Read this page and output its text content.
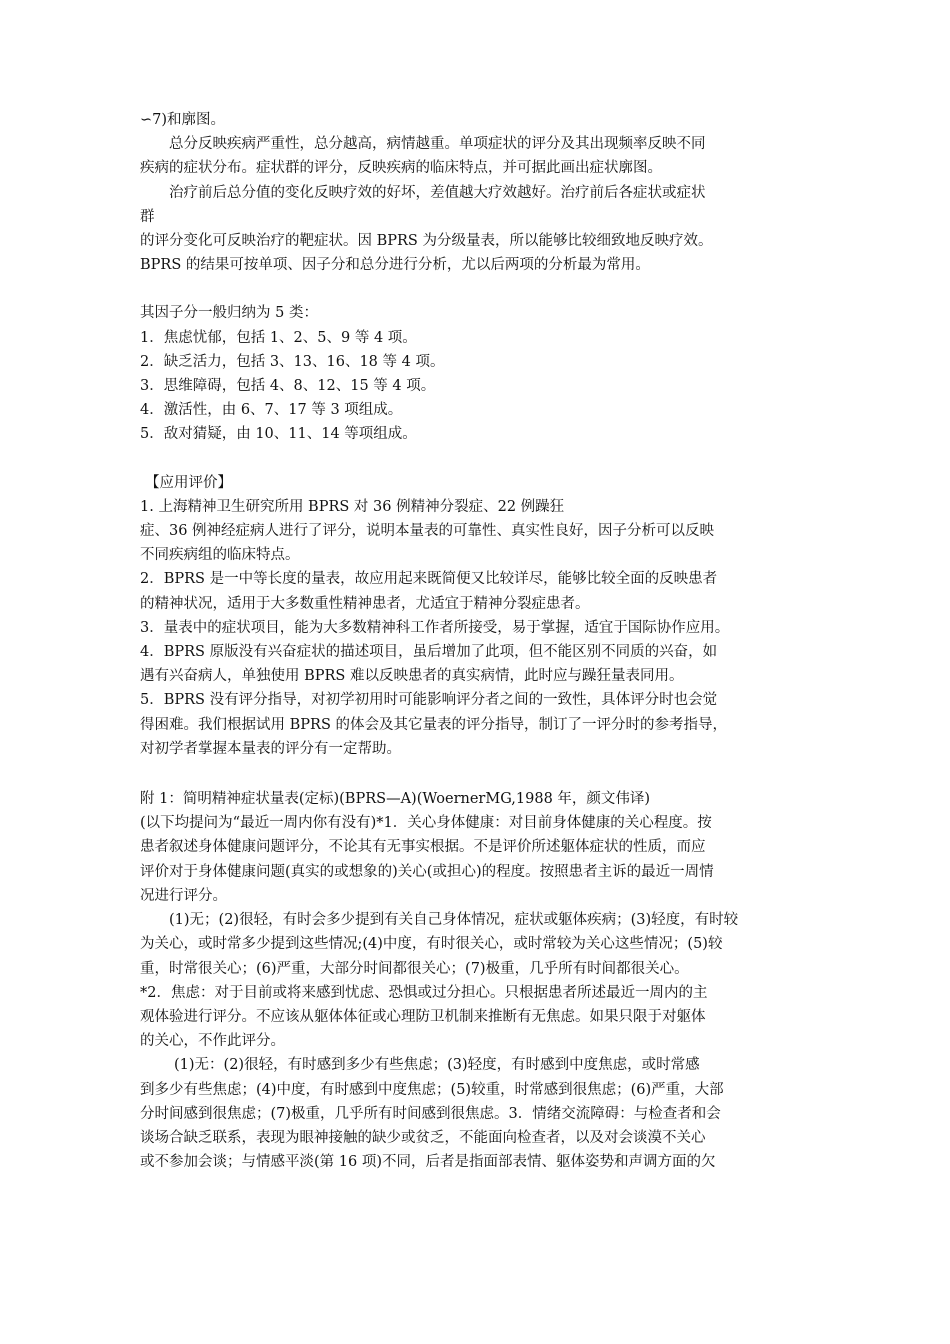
∽7)和廓图。
总分反映疾病严重性，总分越高，病情越重。单项症状的评分及其出现频率反映不同
疾病的症状分布。症状群的评分，反映疾病的临床特点，并可据此画出症状廓图。
治疗前后总分值的变化反映疗效的好坏，差值越大疗效越好。治疗前后各症状或症状
群
的评分变化可反映治疗的靶症状。因 BPRS 为分级量表，所以能够比较细致地反映疗效。
BPRS 的结果可按单项、因子分和总分进行分析，尤以后两项的分析最为常用。
其因子分一般归纳为 5 类：
1．焦虑忧郁，包括 1、2、5、9 等 4 项。
2．缺乏活力，包括 3、13、16、18 等 4 项。
3．思维障碍，包括 4、8、12、15 等 4 项。
4．激活性，由 6、7、17 等 3 项组成。
5．敌对猜疑，由 10、11、14 等项组成。
【应用评价】
1. 上海精神卫生研究所用 BPRS 对 36 例精神分裂症、22 例躁狂
症、36 例神经症病人进行了评分，说明本量表的可靠性、真实性良好，因子分析可以反映
不同疾病组的临床特点。
2．BPRS 是一中等长度的量表，故应用起来既简便又比较详尽，能够比较全面的反映患者
的精神状况，适用于大多数重性精神患者，尤适宜于精神分裂症患者。
3．量表中的症状项目，能为大多数精神科工作者所接受，易于掌握，适宜于国际协作应用。
4．BPRS 原版没有兴奋症状的描述项目，虽后增加了此项，但不能区别不同质的兴奋，如
遇有兴奋病人，单独使用 BPRS 难以反映患者的真实病情，此时应与躁狂量表同用。
5．BPRS 没有评分指导，对初学初用时可能影响评分者之间的一致性，具体评分时也会觉
得困难。我们根据试用 BPRS 的体会及其它量表的评分指导，制订了一评分时的参考指导，
对初学者掌握本量表的评分有一定帮助。
附 1：简明精神症状量表(定标)(BPRS—A)(WoernerMG,1988 年，颜文伟译)
(以下均提问为“最近一周内你有没有)*1．关心身体健康：对目前身体健康的关心程度。按
患者叙述身体健康问题评分，不论其有无事实根据。不是评价所述躯体症状的性质，而应
评价对于身体健康问题(真实的或想象的)关心(或担心)的程度。按照患者主诉的最近一周情
况进行评分。
(1)无；(2)很轻，有时会多少提到有关自己身体情况，症状或躯体疾病；(3)轻度，有时较
为关心，或时常多少提到这些情况;(4)中度，有时很关心，或时常较为关心这些情况；(5)较
重，时常很关心；(6)严重，大部分时间都很关心；(7)极重，几乎所有时间都很关心。
*2．焦虑：对于目前或将来感到忧虑、恐惧或过分担心。只根据患者所述最近一周内的主
观体验进行评分。不应该从躯体体征或心理防卫机制来推断有无焦虑。如果只限于对躯体
的关心，不作此评分。
(1)无：(2)很轻，有时感到多少有些焦虑；(3)轻度，有时感到中度焦虑，或时常感
到多少有些焦虑；(4)中度，有时感到中度焦虑；(5)较重，时常感到很焦虑；(6)严重，大部
分时间感到很焦虑；(7)极重，几乎所有时间感到很焦虑。3．情绪交流障碍：与检查者和会
谈场合缺乏联系，表现为眼神接触的缺少或贫乏，不能面向检查者，以及对会谈漠不关心
或不参加会谈；与情感平淡(第 16 项)不同，后者是指面部表情、躯体姿势和声调方面的欠
